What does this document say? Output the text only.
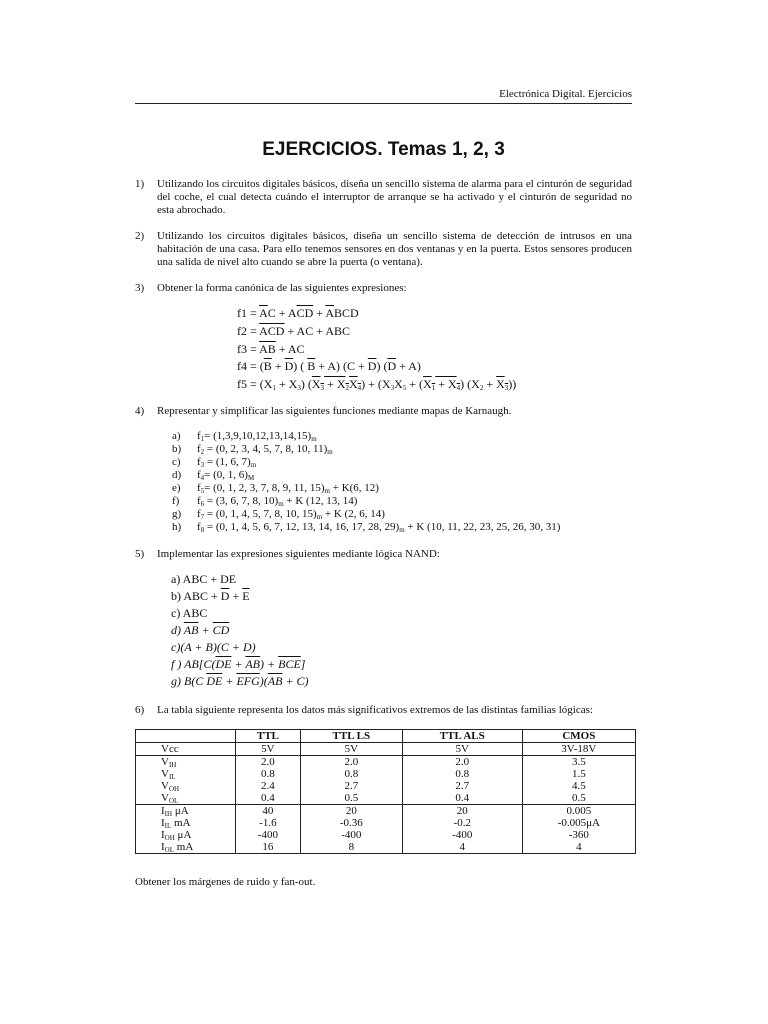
Electrónica Digital. Ejercicios
EJERCICIOS. Temas 1, 2, 3
1) Utilizando los circuitos digitales básicos, diseña un sencillo sistema de alarma para el cinturón de seguridad del coche, el cual detecta cuándo el interruptor de arranque se ha activado y el cinturón de seguridad no esta abrochado.
2) Utilizando los circuitos digitales básicos, diseña un sencillo sistema de detección de intrusos en una habitación de una casa. Para ello tenemos sensores en dos ventanas y en la puerta. Estos sensores producen una salida de nivel alto cuando se abre la puerta (o ventana).
3) Obtener la forma canónica de las siguientes expresiones:
$f1 = \overline{A}C + A\overline{CD} + \overline{A}BCD$
$f2 = \overline{ACD}$ + AC + ABC
$f3 = \overline{AB}$ + AC
$f4 = (\overline{B} + \overline{D})$ ( $\overline{B} + A$) $(C + \overline{D})$ $(\overline{D} + A)$
$f5 = (X_1 + X_3) (X_3 + X_2X_4) + (X_3X_5 + (X_1 + X_4) (X_2 + X_3))$
4) Representar y simplificar las siguientes funciones mediante mapas de Karnaugh.
a) $f_1= (1,3,9,10,12,13,14,15)_m$
b) $f_2 = (0$, 2, 3, 4, 5, 7, 8, 10, $11)_m$
c) $f_3 = (1$, 6, $7)_m$
d) $f_4= (0$, 1, $6)_M$
e) $f_5= (0$, 1, 2, 3, 7, 8, 9, 11, $15)_m + K(6$, 12)
f) $f_6 = (3$, 6, 7, 8, $10)_m + K$ (12, 13, 14)
g) $f_7 = (0$, 1, 4, 5, 7, 8, 10, $15)_m + K$ (2, 6, 14)
h) $f_8 = (0$, 1, 4, 5, 6, 7, 12, 13, 14, 16, 17, 28, $29)_m + K$ (10, 11, 22, 23, 25, 26, 30, 31)
5) Implementar las expresiones siguientes mediante lógica NAND:
a) ABC + DE
b) ABC + $\overline{D} + \overline{E}$
c) ABC
d) $\overline{AB} + \overline{CD}$
c)(A + B)(C + D)
f ) $AB[C(\overline{DE} + \overline{AB}) + \overline{BCE}]$
g) B(C $\overline{DE} + \overline{EFG})(\overline{AB} + C)$
6) La tabla siguiente representa los datos más significativos extremos de las distintas familias lógicas:
	TTL	TTL LS	TTL ALS	CMOS
Vcc	5V	5V	5V	3V-18V
$V_{IH}$	2.0	2.0	2.0	3.5
$V_{IL}$	0.8	0.8	0.8	1.5
$V_{OH}$	2.4	2.7	2.7	4.5
$V_{OL}$	0.4	0.5	0.4	0.5
$I_{IH}$ μA	40	20	20	0.005
$I_{IL}$ mA	-1.6	-0.36	-0.2	-0.005μA
$I_{OH}$ μA	-400	-400	-400	-360
$I_{OL}$ mA	16	8	4	4
Obtener los márgenes de ruido y fan-out.
